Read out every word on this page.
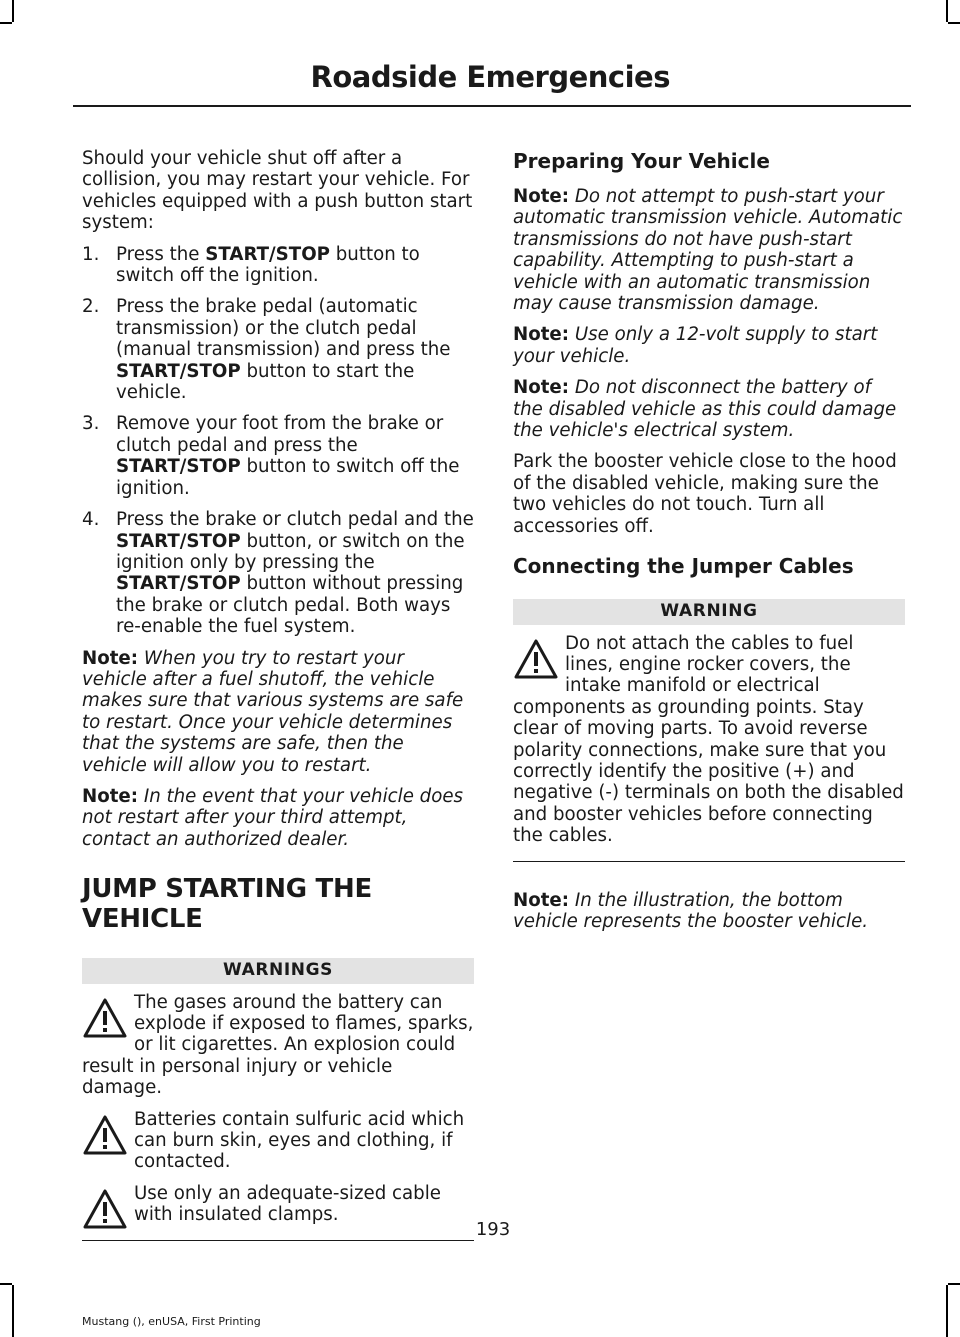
Roadside Emergencies

Should your vehicle shut off after a collision, you may restart your vehicle. For vehicles equipped with a push button start system:

1. Press the START/STOP button to switch off the ignition.
2. Press the brake pedal (automatic transmission) or the clutch pedal (manual transmission) and press the START/STOP button to start the vehicle.
3. Remove your foot from the brake or clutch pedal and press the START/STOP button to switch off the ignition.
4. Press the brake or clutch pedal and the START/STOP button, or switch on the ignition only by pressing the START/STOP button without pressing the brake or clutch pedal. Both ways re-enable the fuel system.

Note: When you try to restart your vehicle after a fuel shutoff, the vehicle makes sure that various systems are safe to restart. Once your vehicle determines that the systems are safe, then the vehicle will allow you to restart.

Note: In the event that your vehicle does not restart after your third attempt, contact an authorized dealer.

JUMP STARTING THE VEHICLE
WARNINGS
The gases around the battery can explode if exposed to flames, sparks, or lit cigarettes. An explosion could result in personal injury or vehicle damage.
Batteries contain sulfuric acid which can burn skin, eyes and clothing, if contacted.
Use only an adequate-sized cable with insulated clamps.
Preparing Your Vehicle

Note: Do not attempt to push-start your automatic transmission vehicle. Automatic transmissions do not have push-start capability. Attempting to push-start a vehicle with an automatic transmission may cause transmission damage.

Note: Use only a 12-volt supply to start your vehicle.

Note: Do not disconnect the battery of the disabled vehicle as this could damage the vehicle's electrical system.

Park the booster vehicle close to the hood of the disabled vehicle, making sure the two vehicles do not touch. Turn all accessories off.

Connecting the Jumper Cables
WARNING
Do not attach the cables to fuel lines, engine rocker covers, the intake manifold or electrical components as grounding points. Stay clear of moving parts. To avoid reverse polarity connections, make sure that you correctly identify the positive (+) and negative (-) terminals on both the disabled and booster vehicles before connecting the cables.

Note: In the illustration, the bottom vehicle represents the booster vehicle.

193
Mustang (), enUSA, First Printing
